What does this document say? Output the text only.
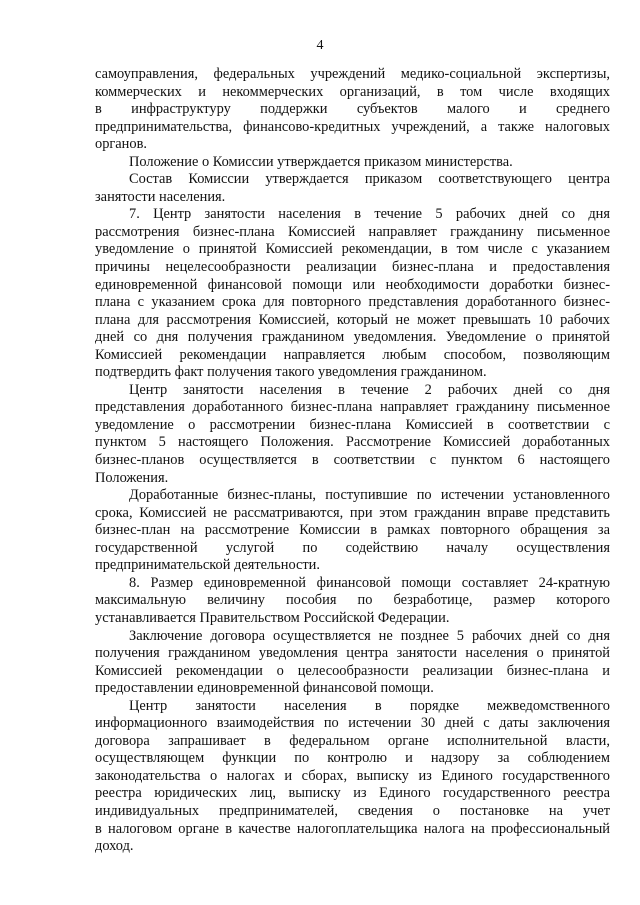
4
самоуправления, федеральных учреждений медико-социальной экспертизы,
коммерческих и некоммерческих организаций, в том числе входящих
в инфраструктуру поддержки субъектов малого и среднего
предпринимательства, финансово-кредитных учреждений, а также налоговых
органов.
Положение о Комиссии утверждается приказом министерства.
Состав Комиссии утверждается приказом соответствующего центра
занятости населения.
7. Центр занятости населения в течение 5 рабочих дней со дня
рассмотрения бизнес-плана Комиссией направляет гражданину письменное
уведомление о принятой Комиссией рекомендации, в том числе с указанием
причины нецелесообразности реализации бизнес-плана и предоставления
единовременной финансовой помощи или необходимости доработки бизнес-
плана с указанием срока для повторного представления доработанного бизнес-
плана для рассмотрения Комиссией, который не может превышать 10 рабочих
дней со дня получения гражданином уведомления. Уведомление о принятой
Комиссией рекомендации направляется любым способом, позволяющим
подтвердить факт получения такого уведомления гражданином.
Центр занятости населения в течение 2 рабочих дней со дня
представления доработанного бизнес-плана направляет гражданину письменное
уведомление о рассмотрении бизнес-плана Комиссией в соответствии с
пунктом 5 настоящего Положения. Рассмотрение Комиссией доработанных
бизнес-планов осуществляется в соответствии с пунктом 6 настоящего
Положения.
Доработанные бизнес-планы, поступившие по истечении установленного
срока, Комиссией не рассматриваются, при этом гражданин вправе представить
бизнес-план на рассмотрение Комиссии в рамках повторного обращения за
государственной услугой по содействию началу осуществления
предпринимательской деятельности.
8. Размер единовременной финансовой помощи составляет 24-кратную
максимальную величину пособия по безработице, размер которого
устанавливается Правительством Российской Федерации.
Заключение договора осуществляется не позднее 5 рабочих дней со дня
получения гражданином уведомления центра занятости населения о принятой
Комиссией рекомендации о целесообразности реализации бизнес-плана и
предоставлении единовременной финансовой помощи.
Центр занятости населения в порядке межведомственного
информационного взаимодействия по истечении 30 дней с даты заключения
договора запрашивает в федеральном органе исполнительной власти,
осуществляющем функции по контролю и надзору за соблюдением
законодательства о налогах и сборах, выписку из Единого государственного
реестра юридических лиц, выписку из Единого государственного реестра
индивидуальных предпринимателей, сведения о постановке на учет
в налоговом органе в качестве налогоплательщика налога на профессиональный
доход.
